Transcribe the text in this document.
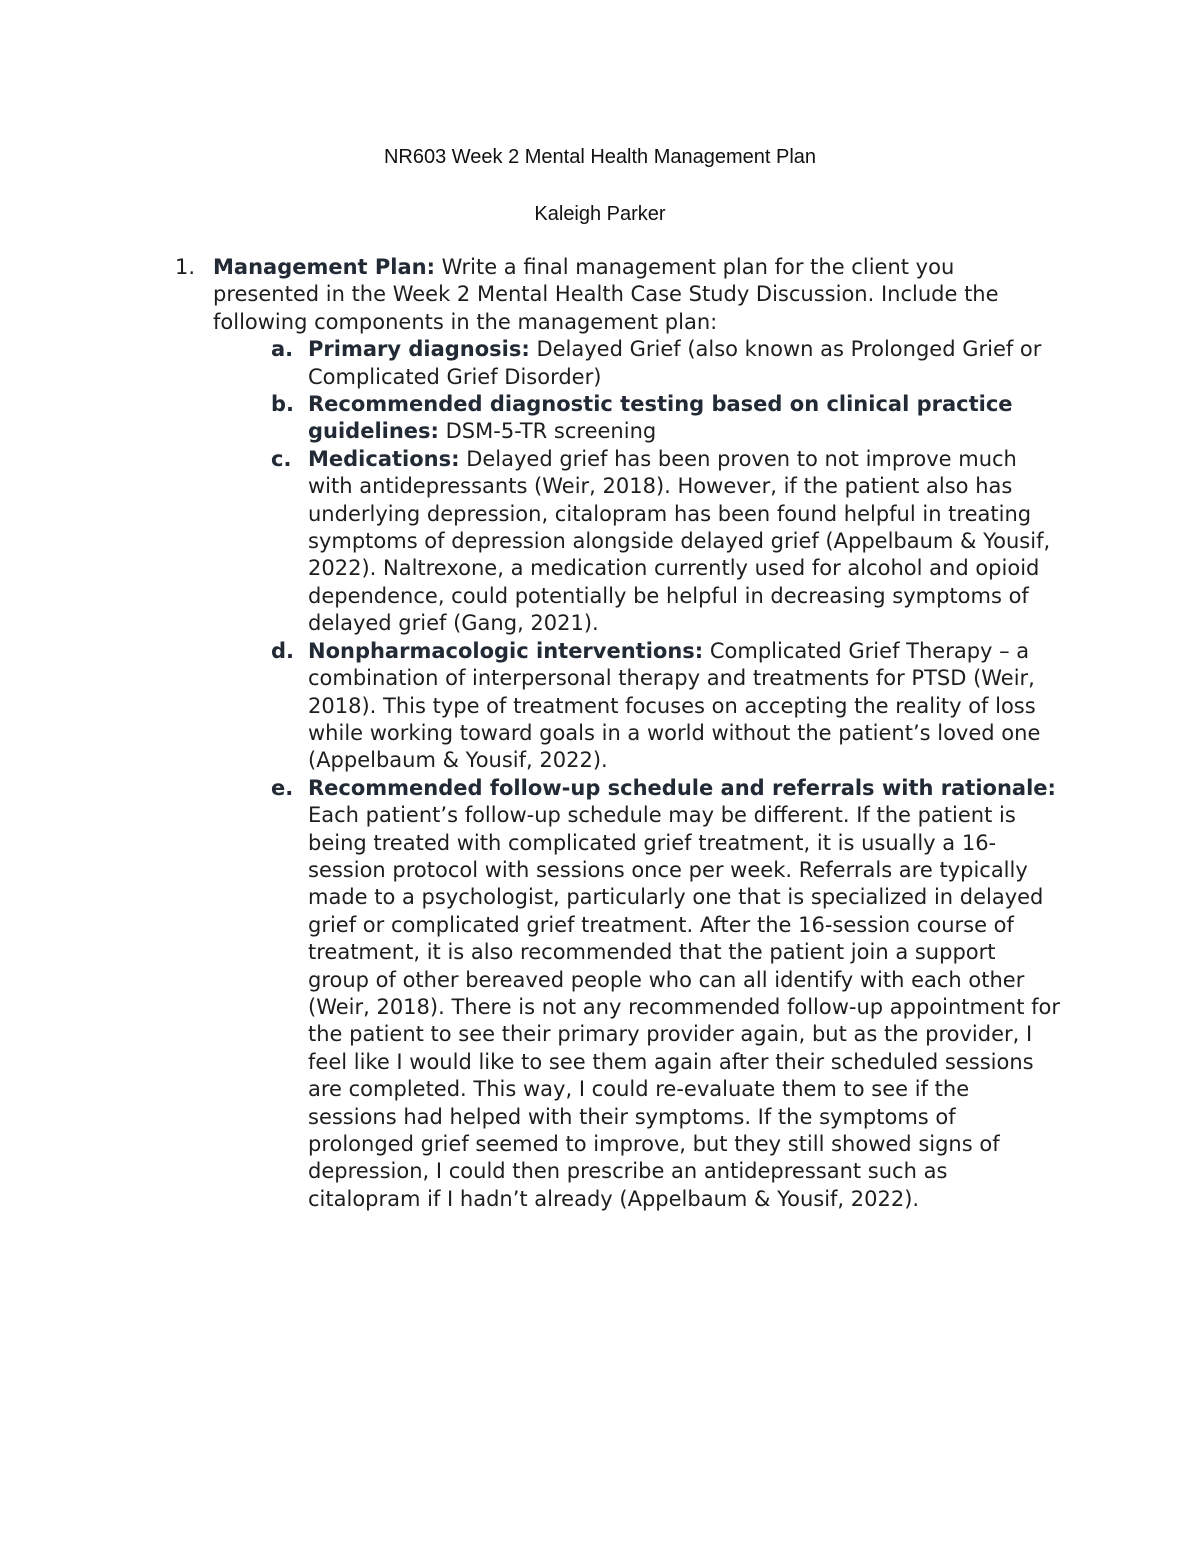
NR603 Week 2 Mental Health Management Plan
Kaleigh Parker
1. Management Plan: Write a final management plan for the client you presented in the Week 2 Mental Health Case Study Discussion. Include the following components in the management plan:

a. Primary diagnosis: Delayed Grief (also known as Prolonged Grief or Complicated Grief Disorder)

b. Recommended diagnostic testing based on clinical practice guidelines: DSM-5-TR screening

c. Medications: Delayed grief has been proven to not improve much with antidepressants (Weir, 2018). However, if the patient also has underlying depression, citalopram has been found helpful in treating symptoms of depression alongside delayed grief (Appelbaum & Yousif, 2022). Naltrexone, a medication currently used for alcohol and opioid dependence, could potentially be helpful in decreasing symptoms of delayed grief (Gang, 2021).

d. Nonpharmacologic interventions: Complicated Grief Therapy – a combination of interpersonal therapy and treatments for PTSD (Weir, 2018). This type of treatment focuses on accepting the reality of loss while working toward goals in a world without the patient’s loved one (Appelbaum & Yousif, 2022).

e. Recommended follow-up schedule and referrals with rationale: Each patient’s follow-up schedule may be different. If the patient is being treated with complicated grief treatment, it is usually a 16-session protocol with sessions once per week. Referrals are typically made to a psychologist, particularly one that is specialized in delayed grief or complicated grief treatment. After the 16-session course of treatment, it is also recommended that the patient join a support group of other bereaved people who can all identify with each other (Weir, 2018). There is not any recommended follow-up appointment for the patient to see their primary provider again, but as the provider, I feel like I would like to see them again after their scheduled sessions are completed. This way, I could re-evaluate them to see if the sessions had helped with their symptoms. If the symptoms of prolonged grief seemed to improve, but they still showed signs of depression, I could then prescribe an antidepressant such as citalopram if I hadn’t already (Appelbaum & Yousif, 2022).
